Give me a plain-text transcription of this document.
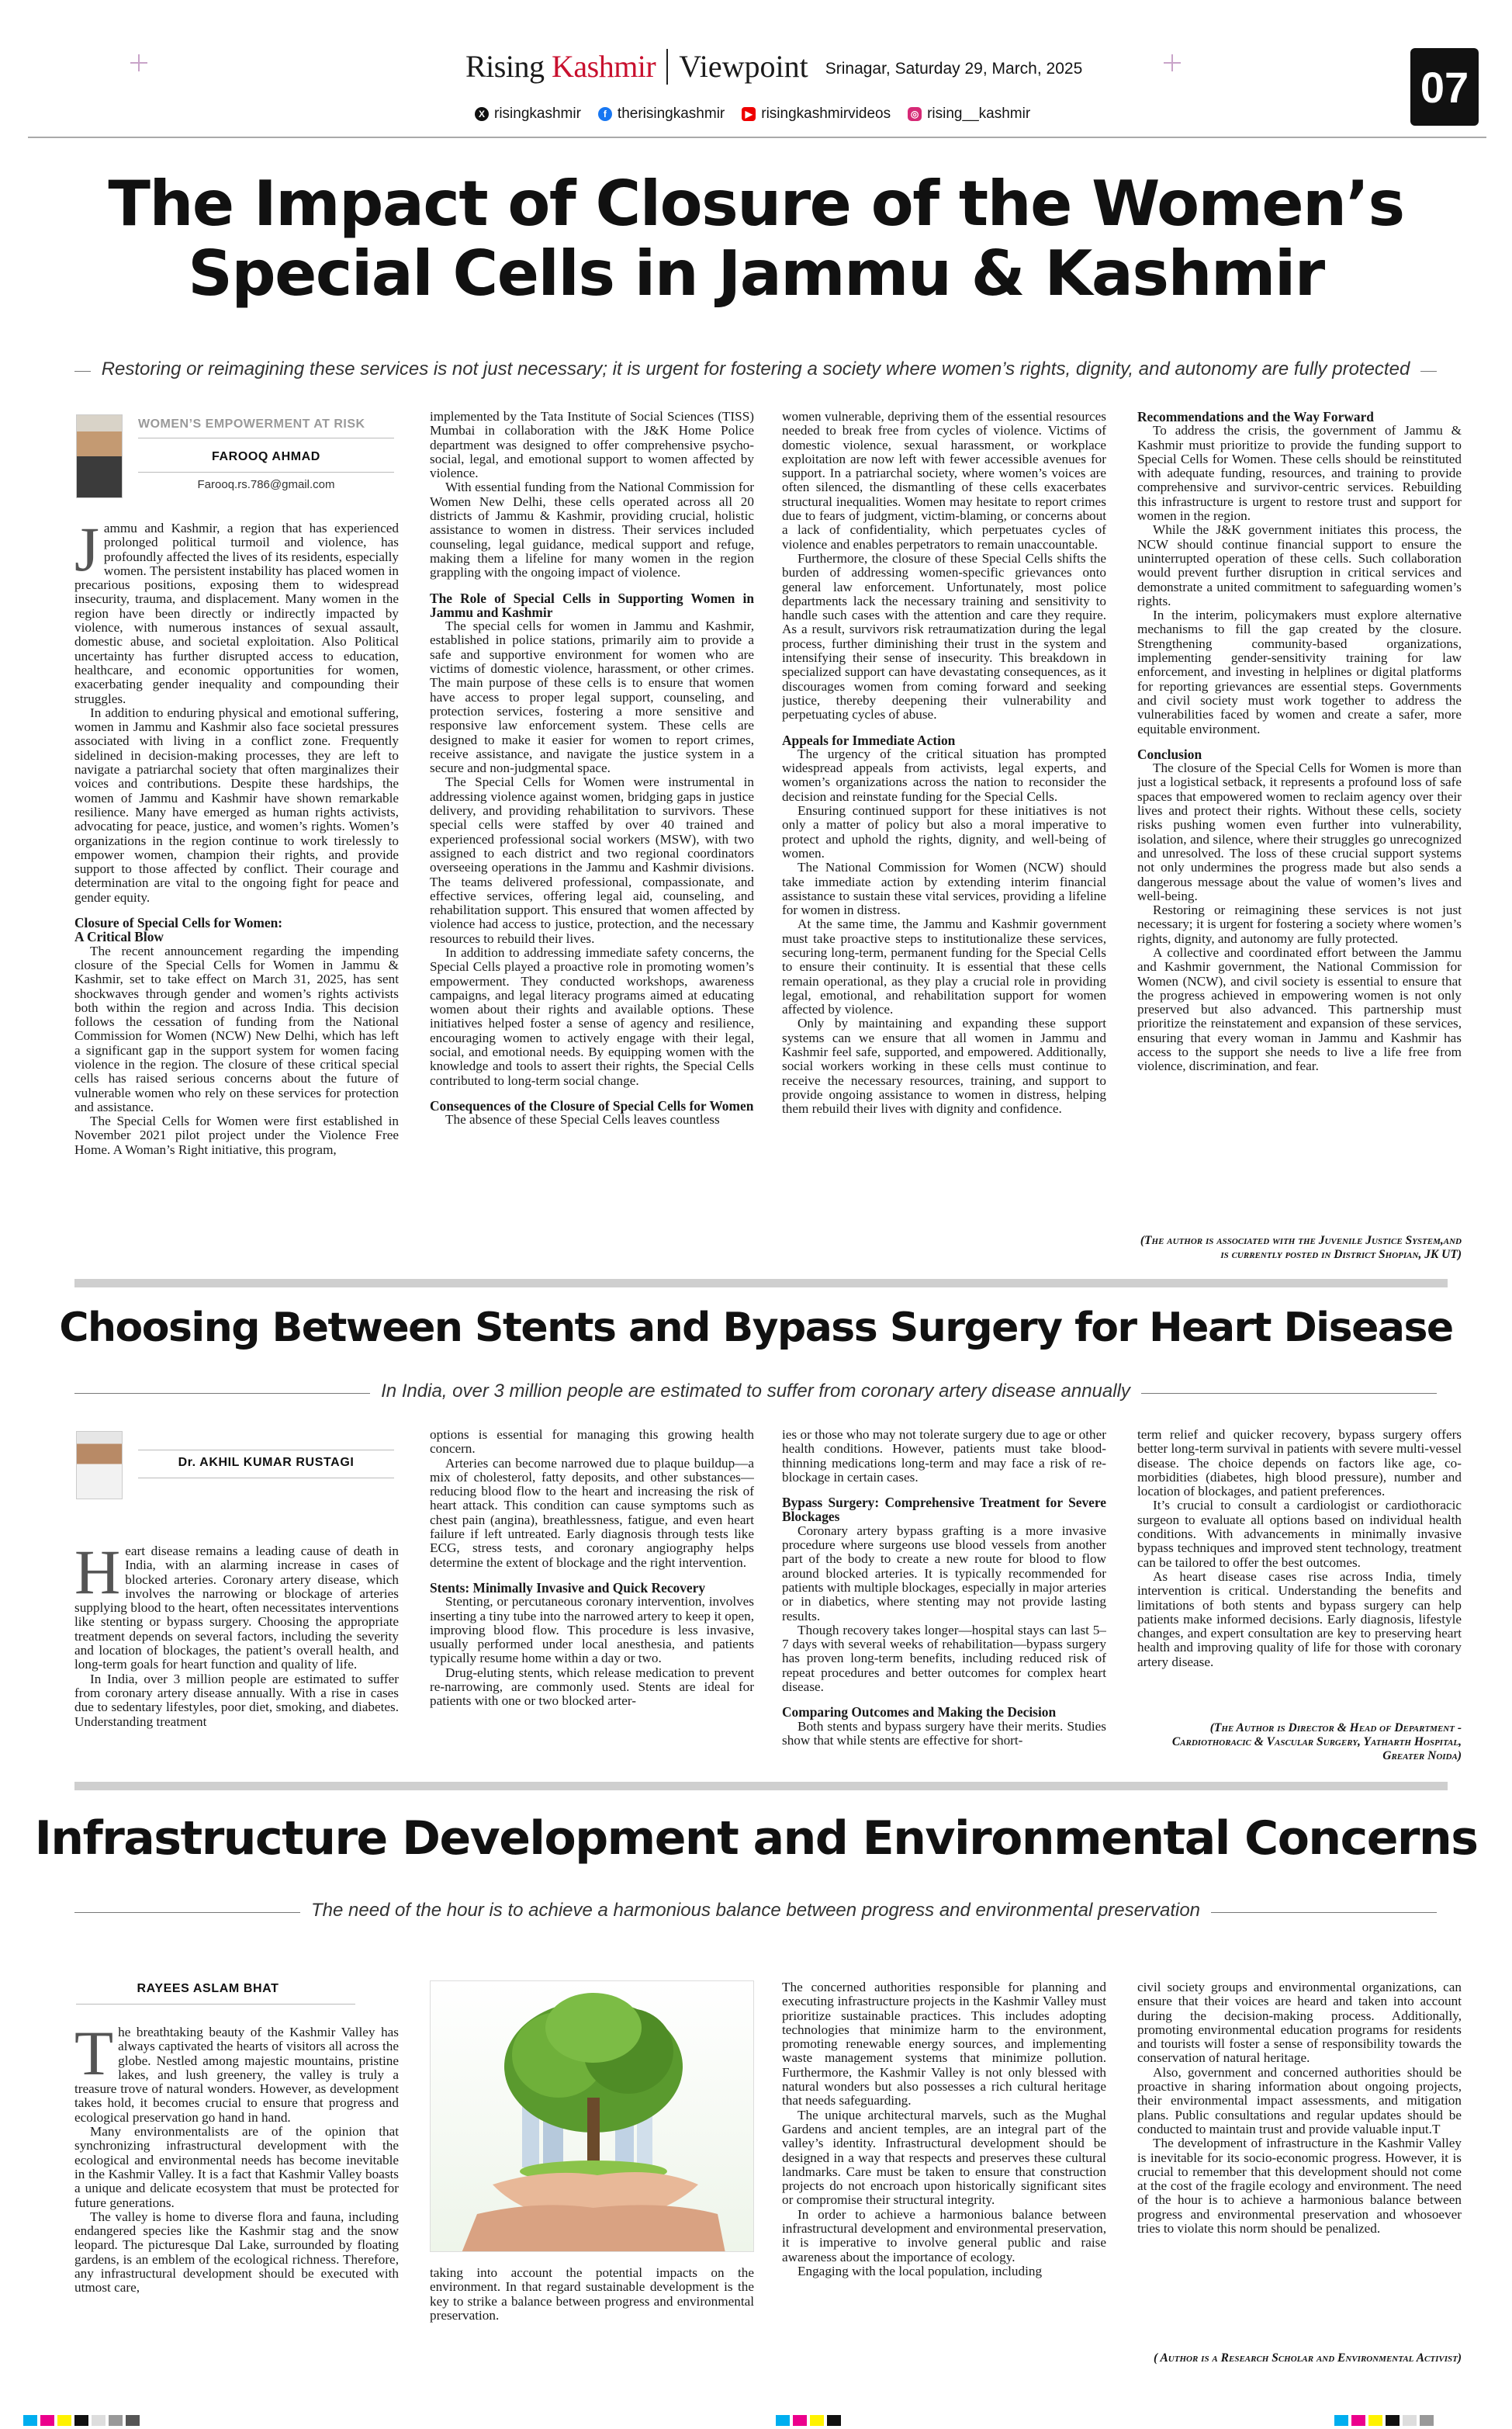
Rising Kashmir Viewpoint Srinagar, Saturday 29, March, 2025	07
X risingkashmir	f therisingkashmir	▶ risingkashmirvideos	◎ rising__kashmir
The Impact of Closure of the Women’s
Special Cells in Jammu & Kashmir
Restoring or reimagining these services is not just necessary; it is urgent for fostering a society where women’s rights, dignity, and autonomy are fully protected
WOMEN’S EMPOWERMENT AT RISK
FAROOQ AHMAD
Farooq.rs.786@gmail.com

Jammu and Kashmir, a region that has experienced prolonged political turmoil and violence, has profoundly affected the lives of its residents, especially women. The persistent instability has placed women in precarious positions, exposing them to widespread insecurity, trauma, and displacement. Many women in the region have been directly or indirectly impacted by violence, with numerous instances of sexual assault, domestic abuse, and societal exploitation. Also Political uncertainty has further disrupted access to education, healthcare, and economic opportunities for women, exacerbating gender inequality and compounding their struggles.

In addition to enduring physical and emotional suffering, women in Jammu and Kashmir also face societal pressures associated with living in a conflict zone. Frequently sidelined in decision-making processes, they are left to navigate a patriarchal society that often marginalizes their voices and contributions. Despite these hardships, the women of Jammu and Kashmir have shown remarkable resilience. Many have emerged as human rights activists, advocating for peace, justice, and women’s rights. Women’s organizations in the region continue to work tirelessly to empower women, champion their rights, and provide support to those affected by conflict. Their courage and determination are vital to the ongoing fight for peace and gender equity.

Closure of Special Cells for Women:
A Critical Blow

The recent announcement regarding the impending closure of the Special Cells for Women in Jammu & Kashmir, set to take effect on March 31, 2025, has sent shockwaves through gender and women’s rights activists both within the region and across India. This decision follows the cessation of funding from the National Commission for Women (NCW) New Delhi, which has left a significant gap in the support system for women facing violence in the region. The closure of these critical special cells has raised serious concerns about the future of vulnerable women who rely on these services for protection and assistance.

The Special Cells for Women were first established in November 2021 pilot project under the Violence Free Home. A Woman’s Right initiative, this program,

implemented by the Tata Institute of Social Sciences (TISS) Mumbai in collaboration with the J&K Home Police department was designed to offer comprehensive psycho-social, legal, and emotional support to women affected by violence.

With essential funding from the National Commission for Women New Delhi, these cells operated across all 20 districts of Jammu & Kashmir, providing crucial, holistic assistance to women in distress. Their services included counseling, legal guidance, medical support and refuge, making them a lifeline for many women in the region grappling with the ongoing impact of violence.

The Role of Special Cells in Supporting Women in Jammu and Kashmir

The special cells for women in Jammu and Kashmir, established in police stations, primarily aim to provide a safe and supportive environment for women who are victims of domestic violence, harassment, or other crimes. The main purpose of these cells is to ensure that women have access to proper legal support, counseling, and protection services, fostering a more sensitive and responsive law enforcement system. These cells are designed to make it easier for women to report crimes, receive assistance, and navigate the justice system in a secure and non-judgmental space.

The Special Cells for Women were instrumental in addressing violence against women, bridging gaps in justice delivery, and providing rehabilitation to survivors. These special cells were staffed by over 40 trained and experienced professional social workers (MSW), with two assigned to each district and two regional coordinators overseeing operations in the Jammu and Kashmir divisions. The teams delivered professional, compassionate, and effective services, offering legal aid, counseling, and rehabilitation support. This ensured that women affected by violence had access to justice, protection, and the necessary resources to rebuild their lives.

In addition to addressing immediate safety concerns, the Special Cells played a proactive role in promoting women’s empowerment. They conducted workshops, awareness campaigns, and legal literacy programs aimed at educating women about their rights and available options. These initiatives helped foster a sense of agency and resilience, encouraging women to actively engage with their legal, social, and emotional needs. By equipping women with the knowledge and tools to assert their rights, the Special Cells contributed to long-term social change.

Consequences of the Closure of Special Cells for Women

The absence of these Special Cells leaves countless

women vulnerable, depriving them of the essential resources needed to break free from cycles of violence. Victims of domestic violence, sexual harassment, or workplace exploitation are now left with fewer accessible avenues for support. In a patriarchal society, where women’s voices are often silenced, the dismantling of these cells exacerbates structural inequalities. Women may hesitate to report crimes due to fears of judgment, victim-blaming, or concerns about a lack of confidentiality, which perpetuates cycles of violence and enables perpetrators to remain unaccountable.

Furthermore, the closure of these Special Cells shifts the burden of addressing women-specific grievances onto general law enforcement. Unfortunately, most police departments lack the necessary training and sensitivity to handle such cases with the attention and care they require. As a result, survivors risk retraumatization during the legal process, further diminishing their trust in the system and intensifying their sense of insecurity. This breakdown in specialized support can have devastating consequences, as it discourages women from coming forward and seeking justice, thereby deepening their vulnerability and perpetuating cycles of abuse.

Appeals for Immediate Action

The urgency of the critical situation has prompted widespread appeals from activists, legal experts, and women’s organizations across the nation to reconsider the decision and reinstate funding for the Special Cells.

Ensuring continued support for these initiatives is not only a matter of policy but also a moral imperative to protect and uphold the rights, dignity, and well-being of women.

The National Commission for Women (NCW) should take immediate action by extending interim financial assistance to sustain these vital services, providing a lifeline for women in distress.

At the same time, the Jammu and Kashmir government must take proactive steps to institutionalize these services, securing long-term, permanent funding for the Special Cells to ensure their continuity. It is essential that these cells remain operational, as they play a crucial role in providing legal, emotional, and rehabilitation support for women affected by violence.

Only by maintaining and expanding these support systems can we ensure that all women in Jammu and Kashmir feel safe, supported, and empowered. Additionally, social workers working in these cells must continue to receive the necessary resources, training, and support to provide ongoing assistance to women in distress, helping them rebuild their lives with dignity and confidence.

Recommendations and the Way Forward

To address the crisis, the government of Jammu & Kashmir must prioritize to provide the funding support to Special Cells for Women. These cells should be reinstituted with adequate funding, resources, and training to provide comprehensive and survivor-centric services. Rebuilding this infrastructure is urgent to restore trust and support for women in the region.

While the J&K government initiates this process, the NCW should continue financial support to ensure the uninterrupted operation of these cells. Such collaboration would prevent further disruption in critical services and demonstrate a united commitment to safeguarding women’s rights.

In the interim, policymakers must explore alternative mechanisms to fill the gap created by the closure. Strengthening community-based organizations, implementing gender-sensitivity training for law enforcement, and investing in helplines or digital platforms for reporting grievances are essential steps. Governments and civil society must work together to address the vulnerabilities faced by women and create a safer, more equitable environment.

Conclusion

The closure of the Special Cells for Women is more than just a logistical setback, it represents a profound loss of safe spaces that empowered women to reclaim agency over their lives and protect their rights. Without these cells, society risks pushing women even further into vulnerability, isolation, and silence, where their struggles go unrecognized and unresolved. The loss of these crucial support systems not only undermines the progress made but also sends a dangerous message about the value of women’s lives and well-being.

Restoring or reimagining these services is not just necessary; it is urgent for fostering a society where women’s rights, dignity, and autonomy are fully protected.

A collective and coordinated effort between the Jammu and Kashmir government, the National Commission for Women (NCW), and civil society is essential to ensure that the progress achieved in empowering women is not only preserved but also advanced. This partnership must prioritize the reinstatement and expansion of these services, ensuring that every woman in Jammu and Kashmir has access to the support she needs to live a life free from violence, discrimination, and fear.

(The author is associated with the Juvenile Justice System,and is currently posted in District Shopian, JK UT)
Choosing Between Stents and Bypass Surgery for Heart Disease
In India, over 3 million people are estimated to suffer from coronary artery disease annually
Dr. AKHIL KUMAR RUSTAGI

Heart disease remains a leading cause of death in India, with an alarming increase in cases of blocked arteries. Coronary artery disease, which involves the narrowing or blockage of arteries supplying blood to the heart, often necessitates interventions like stenting or bypass surgery. Choosing the appropriate treatment depends on several factors, including the severity and location of blockages, the patient’s overall health, and long-term goals for heart function and quality of life.

In India, over 3 million people are estimated to suffer from coronary artery disease annually. With a rise in cases due to sedentary lifestyles, poor diet, smoking, and diabetes. Understanding treatment

options is essential for managing this growing health concern.

Arteries can become narrowed due to plaque buildup—a mix of cholesterol, fatty deposits, and other substances—reducing blood flow to the heart and increasing the risk of heart attack. This condition can cause symptoms such as chest pain (angina), breathlessness, fatigue, and even heart failure if left untreated. Early diagnosis through tests like ECG, stress tests, and coronary angiography helps determine the extent of blockage and the right intervention.

Stents: Minimally Invasive and Quick Recovery

Stenting, or percutaneous coronary intervention, involves inserting a tiny tube into the narrowed artery to keep it open, improving blood flow. This procedure is less invasive, usually performed under local anesthesia, and patients typically resume home within a day or two.

Drug-eluting stents, which release medication to prevent re-narrowing, are commonly used. Stents are ideal for patients with one or two blocked arter-

ies or those who may not tolerate surgery due to age or other health conditions. However, patients must take blood-thinning medications long-term and may face a risk of re-blockage in certain cases.

Bypass Surgery: Comprehensive Treatment for Severe Blockages

Coronary artery bypass grafting is a more invasive procedure where surgeons use blood vessels from another part of the body to create a new route for blood to flow around blocked arteries. It is typically recommended for patients with multiple blockages, especially in major arteries or in diabetics, where stenting may not provide lasting results.

Though recovery takes longer—hospital stays can last 5–7 days with several weeks of rehabilitation—bypass surgery has proven long-term benefits, including reduced risk of repeat procedures and better outcomes for complex heart disease.

Comparing Outcomes and Making the Decision

Both stents and bypass surgery have their merits. Studies show that while stents are effective for short-

term relief and quicker recovery, bypass surgery offers better long-term survival in patients with severe multi-vessel disease. The choice depends on factors like age, co-morbidities (diabetes, high blood pressure), number and location of blockages, and patient preferences.

It’s crucial to consult a cardiologist or cardiothoracic surgeon to evaluate all options based on individual health conditions. With advancements in minimally invasive bypass techniques and improved stent technology, treatment can be tailored to offer the best outcomes.

As heart disease cases rise across India, timely intervention is critical. Understanding the benefits and limitations of both stents and bypass surgery can help patients make informed decisions. Early diagnosis, lifestyle changes, and expert consultation are key to preserving heart health and improving quality of life for those with coronary artery disease.

(The Author is Director & Head of Department - Cardiothoracic & Vascular Surgery, Yatharth Hospital, Greater Noida)
Infrastructure Development and Environmental Concerns
The need of the hour is to achieve a harmonious balance between progress and environmental preservation
RAYEES ASLAM BHAT

The breathtaking beauty of the Kashmir Valley has always captivated the hearts of visitors all across the globe. Nestled among majestic mountains, pristine lakes, and lush greenery, the valley is truly a treasure trove of natural wonders. However, as development takes hold, it becomes crucial to ensure that progress and ecological preservation go hand in hand.

Many environmentalists are of the opinion that synchronizing infrastructural development with the ecological and environmental needs has become inevitable in the Kashmir Valley. It is a fact that Kashmir Valley boasts a unique and delicate ecosystem that must be protected for future generations.

The valley is home to diverse flora and fauna, including endangered species like the Kashmir stag and the snow leopard. The picturesque Dal Lake, surrounded by floating gardens, is an emblem of the ecological richness. Therefore, any infrastructural development should be executed with utmost care,

taking into account the potential impacts on the environment. In that regard sustainable development is the key to strike a balance between progress and environmental preservation.

The concerned authorities responsible for planning and executing infrastructure projects in the Kashmir Valley must prioritize sustainable practices. This includes adopting technologies that minimize harm to the environment, promoting renewable energy sources, and implementing waste management systems that minimize pollution. Furthermore, the Kashmir Valley is not only blessed with natural wonders but also possesses a rich cultural heritage that needs safeguarding.

The unique architectural marvels, such as the Mughal Gardens and ancient temples, are an integral part of the valley’s identity. Infrastructural development should be designed in a way that respects and preserves these cultural landmarks. Care must be taken to ensure that construction projects do not encroach upon historically significant sites or compromise their structural integrity.

In order to achieve a harmonious balance between infrastructural development and environmental preservation, it is imperative to involve general public and raise awareness about the importance of ecology.

Engaging with the local population, including

civil society groups and environmental organizations, can ensure that their voices are heard and taken into account during the decision-making process. Additionally, promoting environmental education programs for residents and tourists will foster a sense of responsibility towards the conservation of natural heritage.

Also, government and concerned authorities should be proactive in sharing information about ongoing projects, their environmental impact assessments, and mitigation plans. Public consultations and regular updates should be conducted to maintain trust and provide valuable input.T

The development of infrastructure in the Kashmir Valley is inevitable for its socio-economic progress. However, it is crucial to remember that this development should not come at the cost of the fragile ecology and environment. The need of the hour is to achieve a harmonious balance between progress and environmental preservation and whosoever tries to violate this norm should be penalized.

( Author is a Research Scholar and Environmental Activist)
